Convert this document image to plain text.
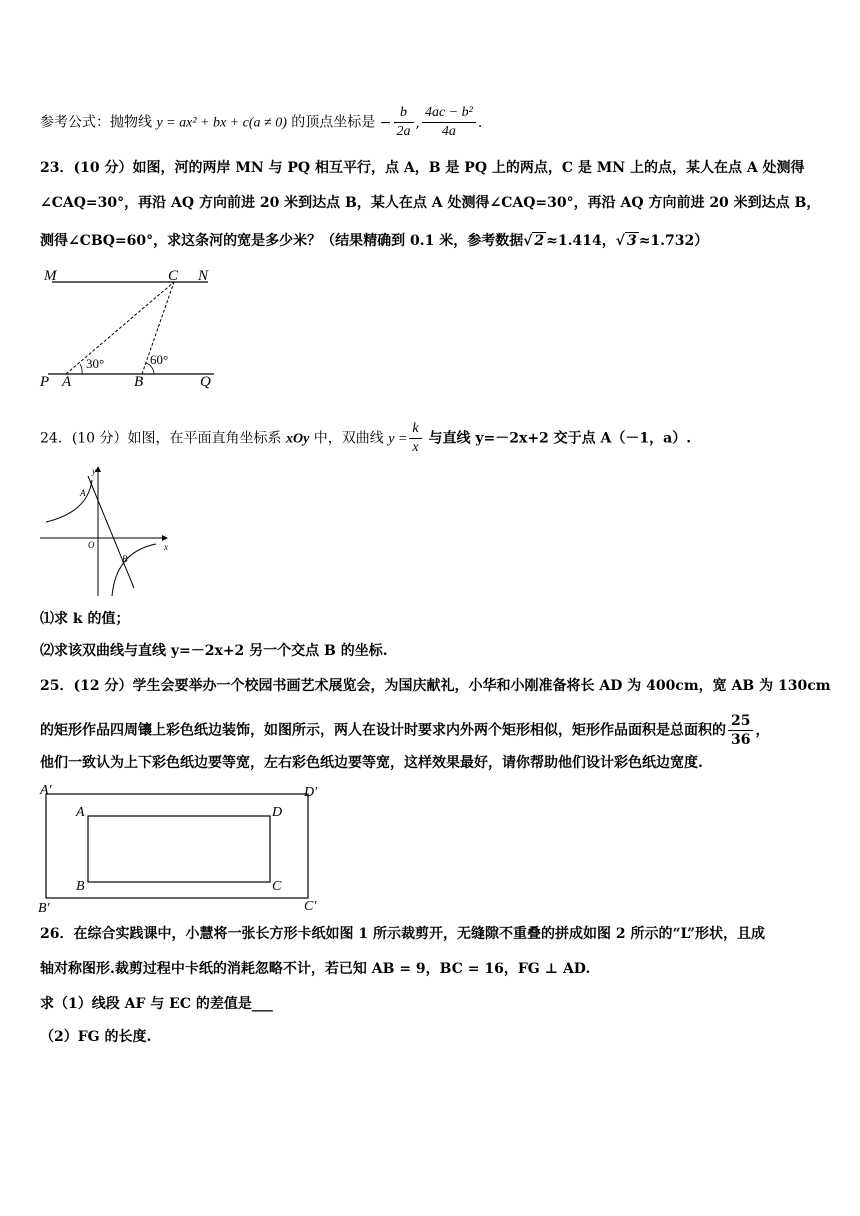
参考公式：抛物线 y = ax² + bx + c(a ≠ 0) 的顶点坐标是 − $\frac{b}{2a}$ , $\frac{\text{4ac − b²}}{4a}$ .
23．(10 分）如图，河的两岸 MN 与 PQ 相互平行，点 A，B 是 PQ 上的两点，C 是 MN 上的点，某人在点 A 处测得
∠CAQ=30°，再沿 AQ 方向前进 20 米到达点 B，某人在点 A 处测得∠CAQ=30°，再沿 AQ 方向前进 20 米到达点 B，
测得∠CBQ=60°，求这条河的宽是多少米？（结果精确到 0.1 米，参考数据√ 2 ≈1.414，√ 3 ≈1.732）
M	C N
P A	B	Q
30°	60°
24．(10 分）如图，在平面直角坐标系 xOy 中，双曲线 $y = \frac{k}{x}$ 与直线 y=－2x+2 交于点 A（－1，a）.
y
x
O
A
B
⑴求 k 的值；
⑵求该双曲线与直线 y=－2x+2 另一个交点 B 的坐标.
25．(12 分）学生会要举办一个校园书画艺术展览会，为国庆献礼，小华和小刚准备将长 AD 为 400cm，宽 AB 为 130cm
的矩形作品四周镶上彩色纸边装饰，如图所示，两人在设计时要求内外两个矩形相似，矩形作品面积是总面积的 $\frac{25}{36}$ ，
他们一致认为上下彩色纸边要等宽，左右彩色纸边要等宽，这样效果最好，请你帮助他们设计彩色纸边宽度.
A′	D′
A	D
B	C
B′	C′
26．在综合实践课中，小慧将一张长方形卡纸如图 1 所示裁剪开，无缝隙不重叠的拼成如图 2 所示的“L”形状，且成
轴对称图形.裁剪过程中卡纸的消耗忽略不计，若已知 AB = 9，BC = 16，FG ⊥ AD.
求（1）线段 AF 与 EC 的差值是___
（2）FG 的长度.
